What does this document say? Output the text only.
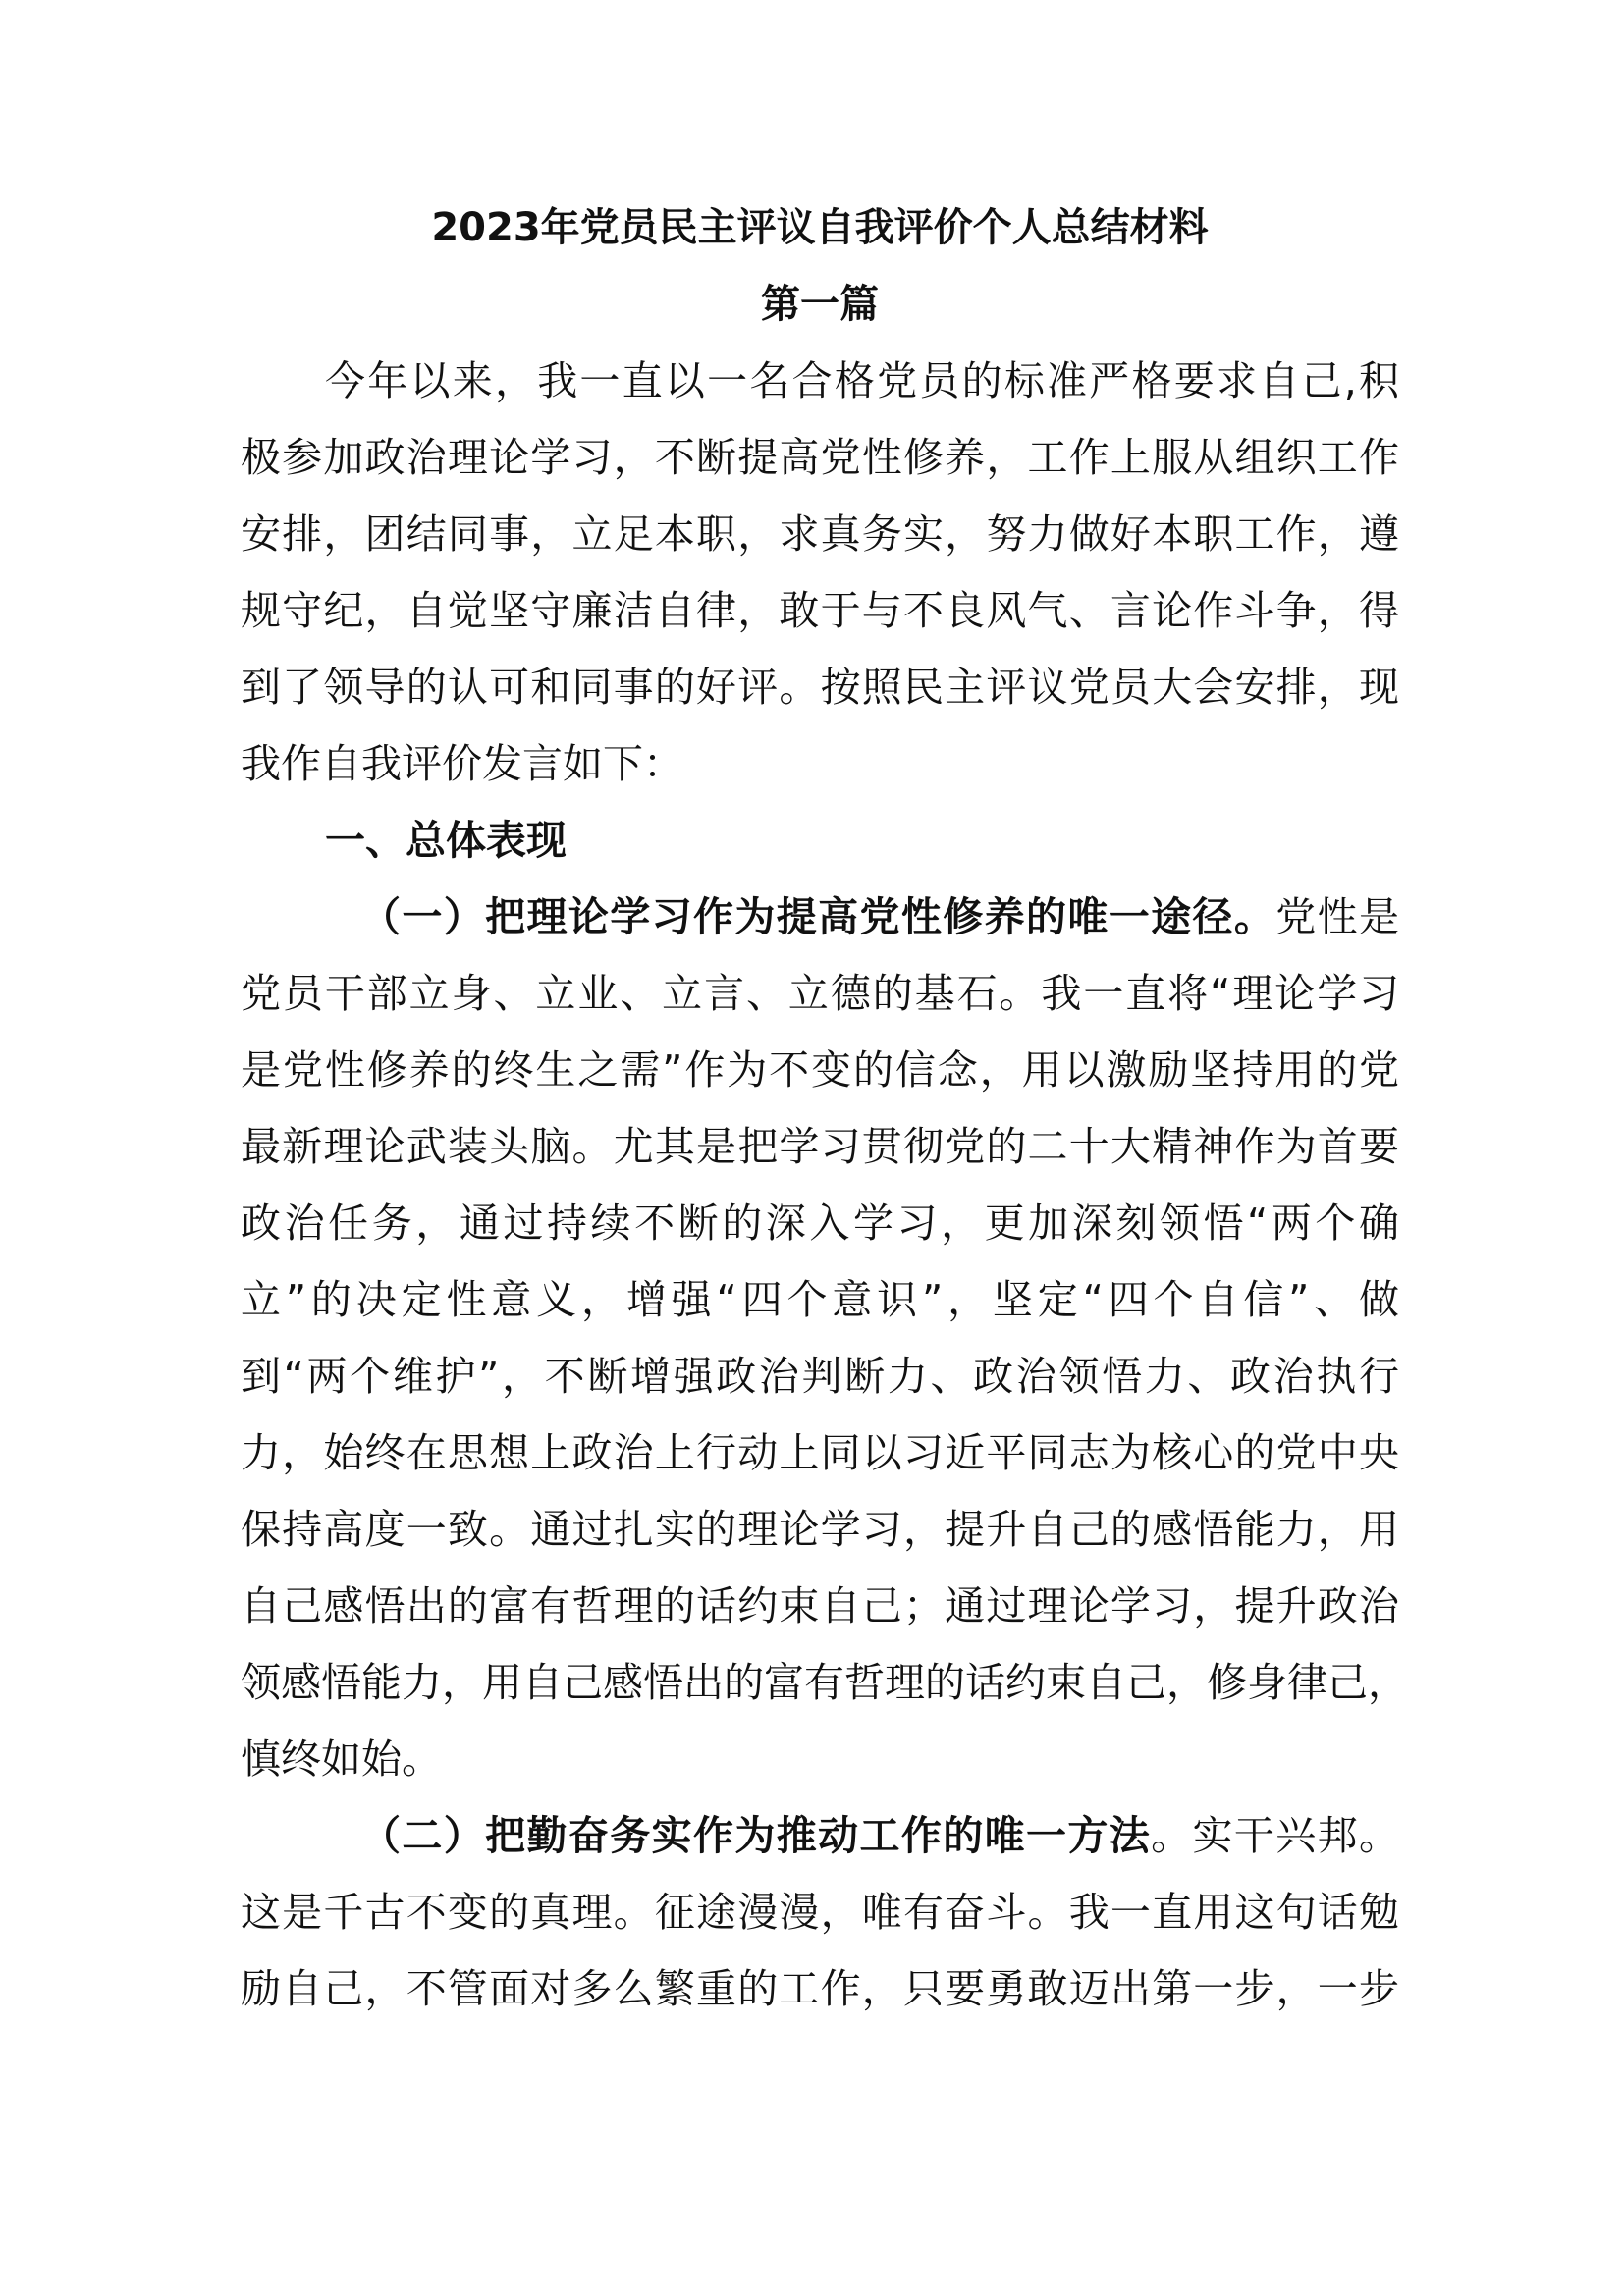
2023年党员民主评议自我评价个人总结材料
第一篇
今年以来，我一直以一名合格党员的标准严格要求自己,积
极参加政治理论学习，不断提高党性修养，工作上服从组织工作
安排，团结同事，立足本职，求真务实，努力做好本职工作，遵
规守纪，自觉坚守廉洁自律，敢于与不良风气、言论作斗争，得
到了领导的认可和同事的好评。按照民主评议党员大会安排，现
我作自我评价发言如下：
一、总体表现
（一）把理论学习作为提高党性修养的唯一途径。党性是
党员干部立身、立业、立言、立德的基石。我一直将“理论学习
是党性修养的终生之需”作为不变的信念，用以激励坚持用的党
最新理论武装头脑。尤其是把学习贯彻党的二十大精神作为首要
政治任务，通过持续不断的深入学习，更加深刻领悟“两个确
立”的决定性意义，增强“四个意识”，坚定“四个自信”、做
到“两个维护”，不断增强政治判断力、政治领悟力、政治执行
力，始终在思想上政治上行动上同以习近平同志为核心的党中央
保持高度一致。通过扎实的理论学习，提升自己的感悟能力，用
自己感悟出的富有哲理的话约束自己；通过理论学习，提升政治
领感悟能力，用自己感悟出的富有哲理的话约束自己，修身律己，
慎终如始。
（二）把勤奋务实作为推动工作的唯一方法。实干兴邦。
这是千古不变的真理。征途漫漫，唯有奋斗。我一直用这句话勉
励自己，不管面对多么繁重的工作，只要勇敢迈出第一步，一步
